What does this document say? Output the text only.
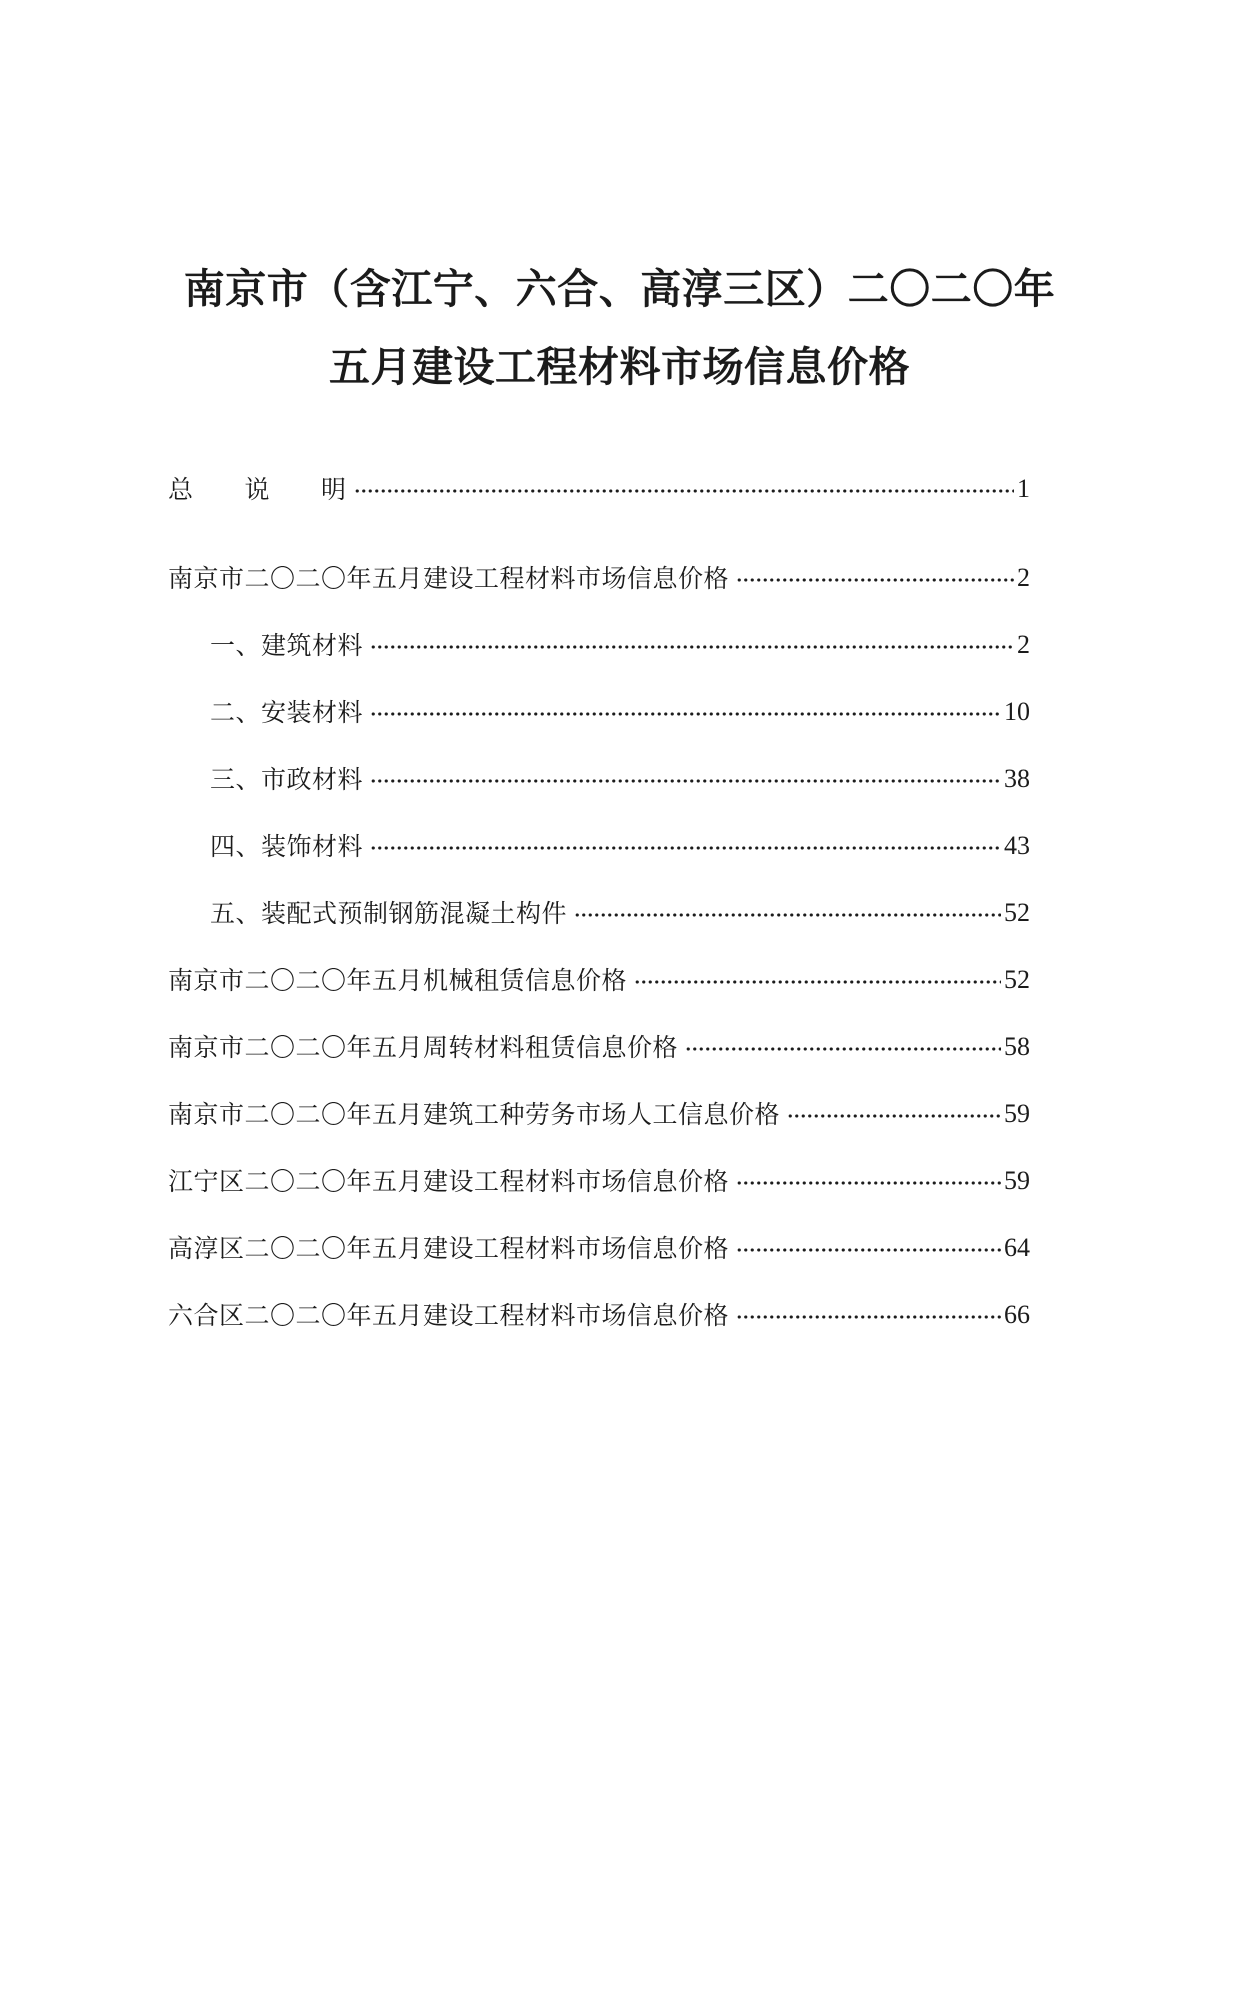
南京市（含江宁、六合、高淳三区）二〇二〇年
五月建设工程材料市场信息价格
总　　说　　明	1
南京市二〇二〇年五月建设工程材料市场信息价格	2
一、建筑材料	2
二、安装材料	10
三、市政材料	38
四、装饰材料	43
五、装配式预制钢筋混凝土构件	52
南京市二〇二〇年五月机械租赁信息价格	52
南京市二〇二〇年五月周转材料租赁信息价格	58
南京市二〇二〇年五月建筑工种劳务市场人工信息价格	59
江宁区二〇二〇年五月建设工程材料市场信息价格	59
高淳区二〇二〇年五月建设工程材料市场信息价格	64
六合区二〇二〇年五月建设工程材料市场信息价格	66
